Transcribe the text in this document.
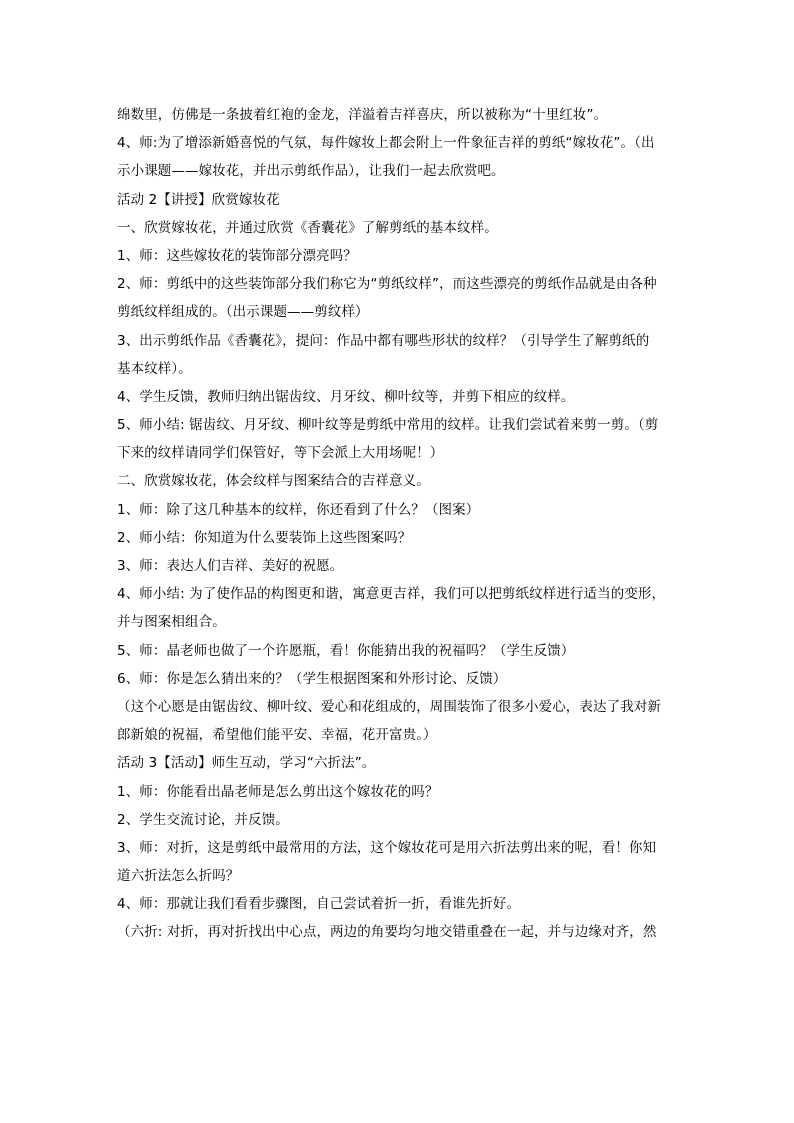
绵数里，仿佛是一条披着红袍的金龙，洋溢着吉祥喜庆，所以被称为“十里红妆”。
4、师:为了增添新婚喜悦的气氛，每件嫁妆上都会附上一件象征吉祥的剪纸“嫁妆花”。（出
示小课题——嫁妆花，并出示剪纸作品），让我们一起去欣赏吧。
活动 2【讲授】欣赏嫁妆花
一、欣赏嫁妆花，并通过欣赏《香囊花》了解剪纸的基本纹样。
1、师：这些嫁妆花的装饰部分漂亮吗？
2、师：剪纸中的这些装饰部分我们称它为“剪纸纹样”，而这些漂亮的剪纸作品就是由各种
剪纸纹样组成的。（出示课题——剪纹样）
3、出示剪纸作品《香囊花》，提问：作品中都有哪些形状的纹样？（引导学生了解剪纸的
基本纹样）。
4、学生反馈，教师归纳出锯齿纹、月牙纹、柳叶纹等，并剪下相应的纹样。
5、师小结: 锯齿纹、月牙纹、柳叶纹等是剪纸中常用的纹样。让我们尝试着来剪一剪。（剪
下来的纹样请同学们保管好，等下会派上大用场呢！）
二、欣赏嫁妆花，体会纹样与图案结合的吉祥意义。
1、师：除了这几种基本的纹样，你还看到了什么？（图案）
2、师小结：你知道为什么要装饰上这些图案吗？
3、师：表达人们吉祥、美好的祝愿。
4、师小结: 为了使作品的构图更和谐，寓意更吉祥，我们可以把剪纸纹样进行适当的变形，
并与图案相组合。
5、师：晶老师也做了一个许愿瓶，看！你能猜出我的祝福吗？（学生反馈）
6、师：你是怎么猜出来的？（学生根据图案和外形讨论、反馈）
（这个心愿是由锯齿纹、柳叶纹、爱心和花组成的，周围装饰了很多小爱心，表达了我对新
郎新娘的祝福，希望他们能平安、幸福，花开富贵。）
活动 3【活动】师生互动，学习“六折法”。
1、师：你能看出晶老师是怎么剪出这个嫁妆花的吗？
2、学生交流讨论，并反馈。
3、师：对折，这是剪纸中最常用的方法，这个嫁妆花可是用六折法剪出来的呢，看！你知
道六折法怎么折吗？
4、师：那就让我们看看步骤图，自己尝试着折一折，看谁先折好。
（六折: 对折，再对折找出中心点，两边的角要均匀地交错重叠在一起，并与边缘对齐，然
